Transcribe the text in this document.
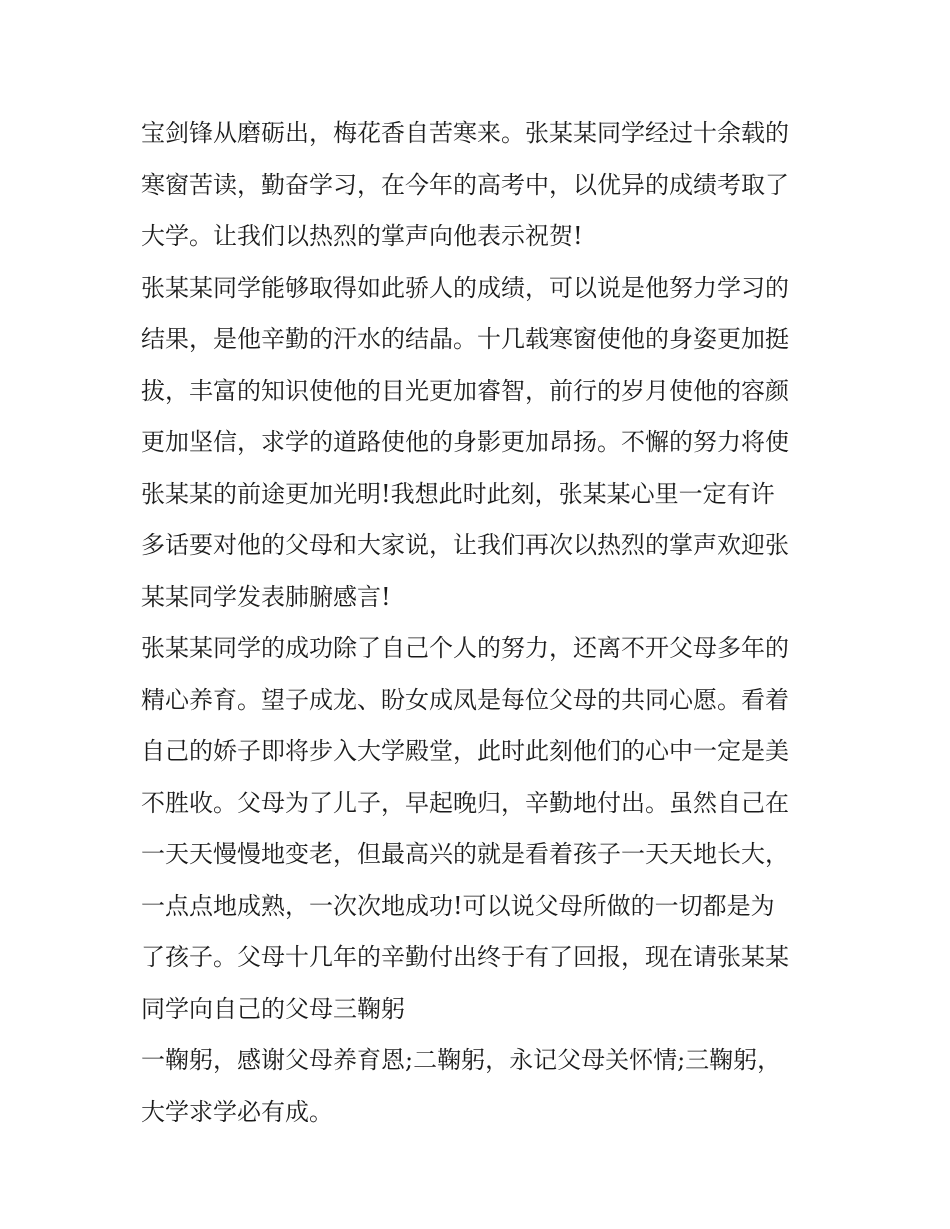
宝剑锋从磨砺出，梅花香自苦寒来。张某某同学经过十余载的
寒窗苦读，勤奋学习，在今年的高考中，以优异的成绩考取了
大学。让我们以热烈的掌声向他表示祝贺!
张某某同学能够取得如此骄人的成绩，可以说是他努力学习的
结果，是他辛勤的汗水的结晶。十几载寒窗使他的身姿更加挺
拔，丰富的知识使他的目光更加睿智，前行的岁月使他的容颜
更加坚信，求学的道路使他的身影更加昂扬。不懈的努力将使
张某某的前途更加光明!我想此时此刻，张某某心里一定有许
多话要对他的父母和大家说，让我们再次以热烈的掌声欢迎张
某某同学发表肺腑感言!
张某某同学的成功除了自己个人的努力，还离不开父母多年的
精心养育。望子成龙、盼女成凤是每位父母的共同心愿。看着
自己的娇子即将步入大学殿堂，此时此刻他们的心中一定是美
不胜收。父母为了儿子，早起晚归，辛勤地付出。虽然自己在
一天天慢慢地变老，但最高兴的就是看着孩子一天天地长大，
一点点地成熟，一次次地成功!可以说父母所做的一切都是为
了孩子。父母十几年的辛勤付出终于有了回报，现在请张某某
同学向自己的父母三鞠躬
一鞠躬，感谢父母养育恩;二鞠躬，永记父母关怀情;三鞠躬，
大学求学必有成。
